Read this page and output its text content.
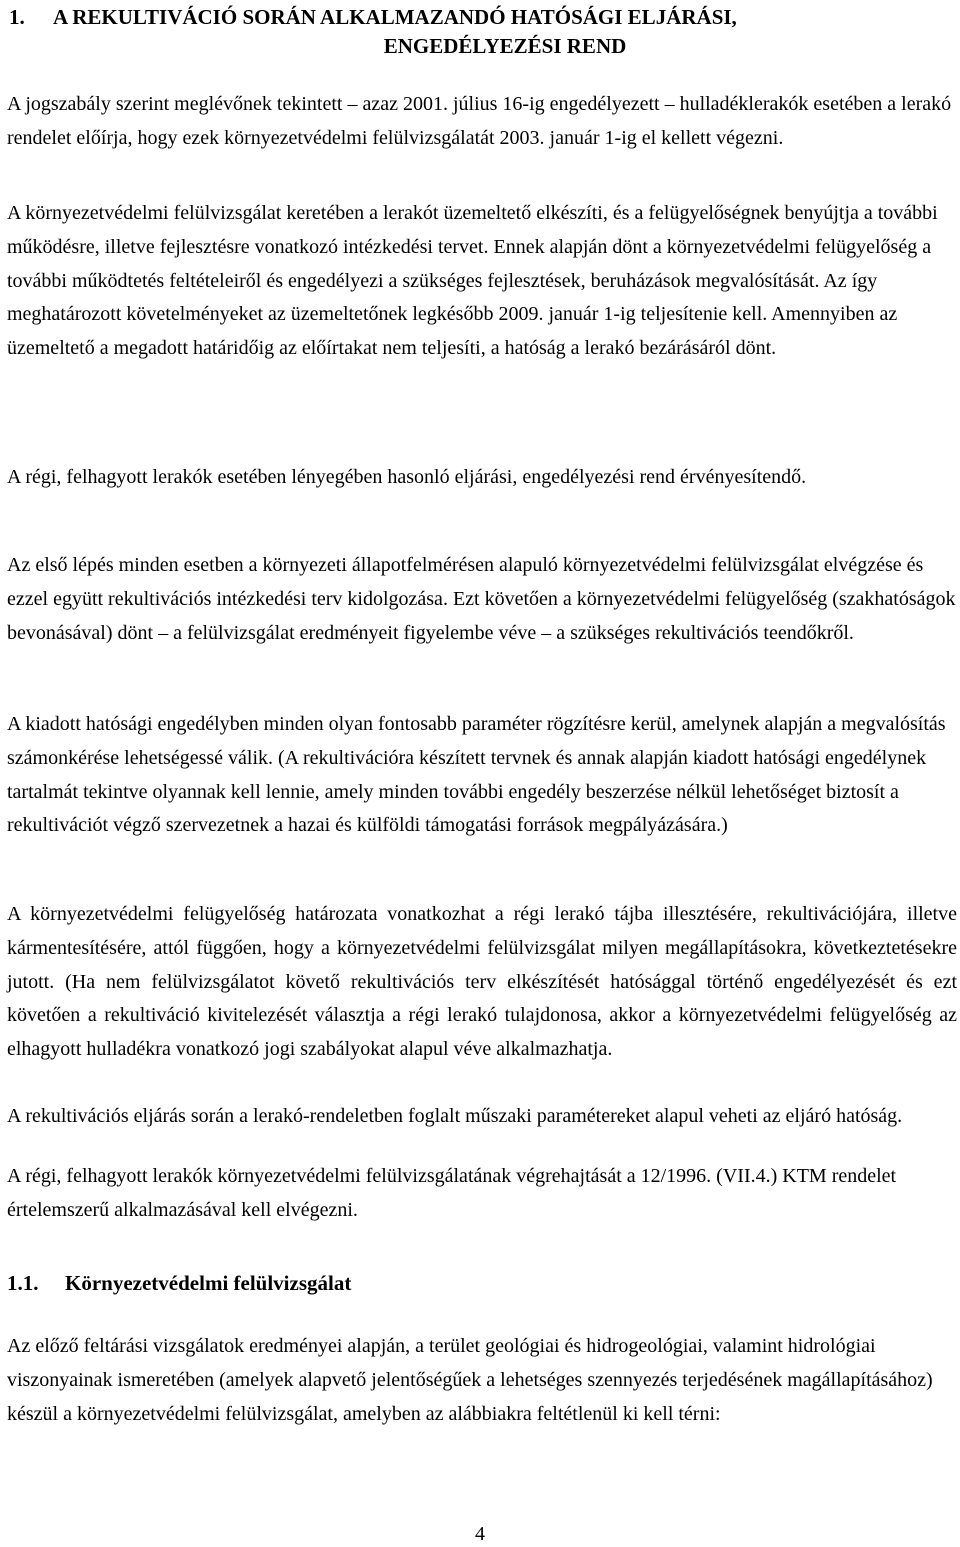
1. A REKULTIVÁCIÓ SORÁN ALKALMAZANDÓ HATÓSÁGI ELJÁRÁSI,
ENGEDÉLYEZÉSI REND

A jogszabály szerint meglévőnek tekintett – azaz 2001. július 16-ig engedélyezett – hulladéklerakók esetében a lerakó rendelet előírja, hogy ezek környezetvédelmi felülvizsgálatát 2003. január 1-ig el kellett végezni.

A környezetvédelmi felülvizsgálat keretében a lerakót üzemeltető elkészíti, és a felügyelőségnek benyújtja a további működésre, illetve fejlesztésre vonatkozó intézkedési tervet. Ennek alapján dönt a környezetvédelmi felügyelőség a további működtetés feltételeiről és engedélyezi a szükséges fejlesztések, beruházások megvalósítását. Az így meghatározott követelményeket az üzemeltetőnek legkésőbb 2009. január 1-ig teljesítenie kell. Amennyiben az üzemeltető a megadott határidőig az előírtakat nem teljesíti, a hatóság a lerakó bezárásáról dönt.

A régi, felhagyott lerakók esetében lényegében hasonló eljárási, engedélyezési rend érvényesítendő.

Az első lépés minden esetben a környezeti állapotfelmérésen alapuló környezetvédelmi felülvizsgálat elvégzése és ezzel együtt rekultivációs intézkedési terv kidolgozása. Ezt követően a környezetvédelmi felügyelőség (szakhatóságok bevonásával) dönt – a felülvizsgálat eredményeit figyelembe véve – a szükséges rekultivációs teendőkről.

A kiadott hatósági engedélyben minden olyan fontosabb paraméter rögzítésre kerül, amelynek alapján a megvalósítás számonkérése lehetségessé válik. (A rekultivációra készített tervnek és annak alapján kiadott hatósági engedélynek tartalmát tekintve olyannak kell lennie, amely minden további engedély beszerzése nélkül lehetőséget biztosít a rekultivációt végző szervezetnek a hazai és külföldi támogatási források megpályázására.)

A környezetvédelmi felügyelőség határozata vonatkozhat a régi lerakó tájba illesztésére, rekultivációjára, illetve kármentesítésére, attól függően, hogy a környezetvédelmi felülvizsgálat milyen megállapításokra, következtetésekre jutott. (Ha nem felülvizsgálatot követő rekultivációs terv elkészítését hatósággal történő engedélyezését és ezt követően a rekultiváció kivitelezését választja a régi lerakó tulajdonosa, akkor a környezetvédelmi felügyelőség az elhagyott hulladékra vonatkozó jogi szabályokat alapul véve alkalmazhatja.

A rekultivációs eljárás során a lerakó-rendeletben foglalt műszaki paramétereket alapul veheti az eljáró hatóság.

A régi, felhagyott lerakók környezetvédelmi felülvizsgálatának végrehajtását a 12/1996. (VII.4.) KTM rendelet értelemszerű alkalmazásával kell elvégezni.

1.1. Környezetvédelmi felülvizsgálat

Az előző feltárási vizsgálatok eredményei alapján, a terület geológiai és hidrogeológiai, valamint hidrológiai viszonyainak ismeretében (amelyek alapvető jelentőségűek a lehetséges szennyezés terjedésének magállapításához) készül a környezetvédelmi felülvizsgálat, amelyben az alábbiakra feltétlenül ki kell térni:

4
